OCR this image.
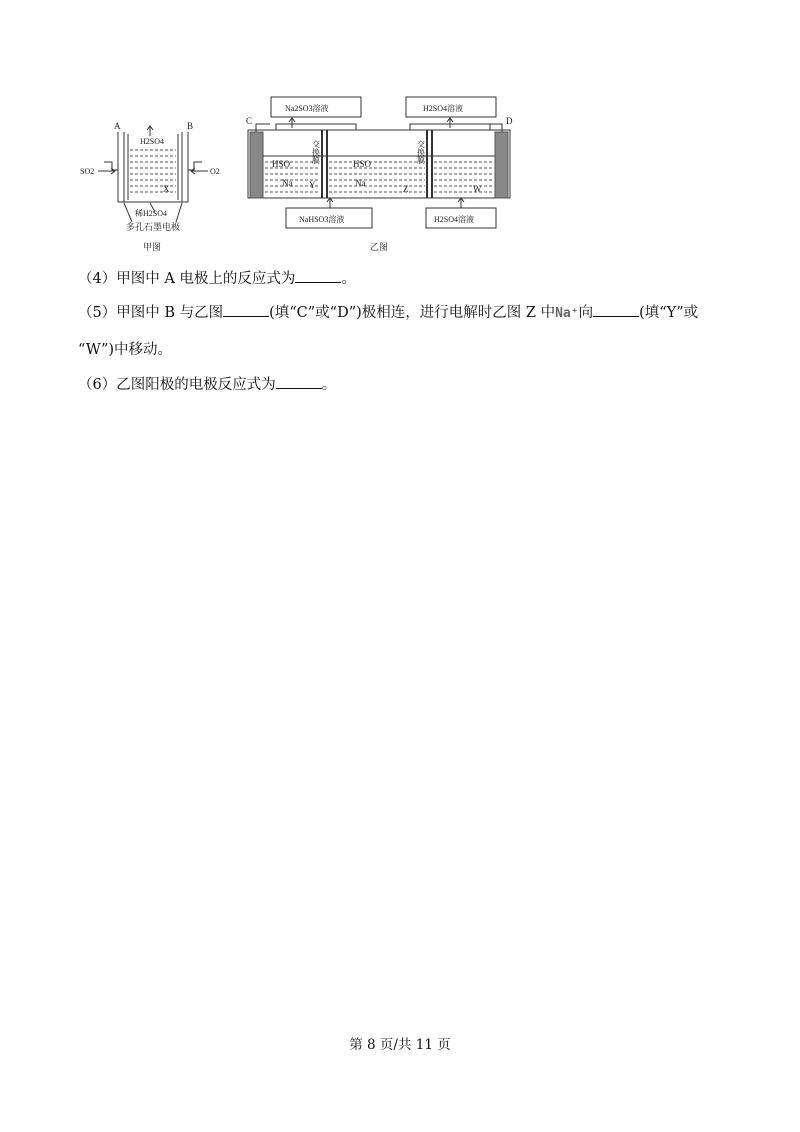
A	B
H2SO4
SO2	O2
X
稀H2SO4
多孔石墨电极
甲图
C	D
Na2SO3溶液	H2SO4溶液
NaHSO3溶液	H2SO4溶液
交换膜	交换膜
HSO	HSO
Na	Na
Y	Z	W
乙图
（4）甲图中 A 电极上的反应式为	。
（5）甲图中 B 与乙图	(填“C”或“D”)极相连，进行电解时乙图 Z 中Na⁺向	(填“Y”或
“W”)中移动。
（6）乙图阳极的电极反应式为	。
第 8 页/共 11 页
